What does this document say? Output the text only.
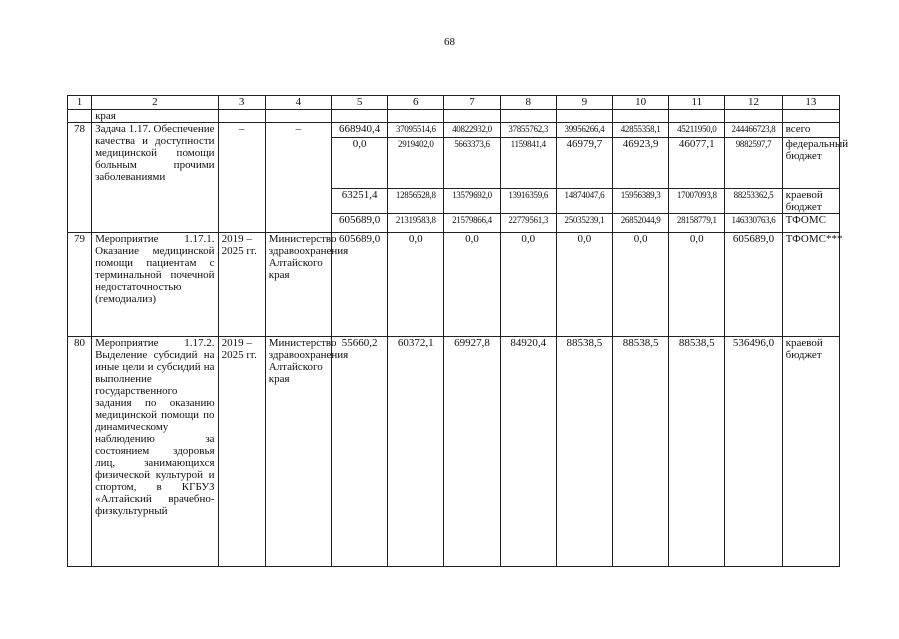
68
1	2	3	4	5	6	7	8	9	10	11	12	13
	края											
78	Задача 1.17. Обеспечение качества и доступности медицинской помощи больным прочими заболеваниями	–	–	668940,4	37095514,6	40822932,0	37855762,3	39956266,4	42855358,1	45211950,0	244466723,8	всего
				0,0	2919402,0	5663373,6	1159841,4	46979,7	46923,9	46077,1	9882597,7	федеральный бюджет
				63251,4	12856528,8	13579692,0	13916359,6	14874047,6	15956389,3	17007093,8	88253362,5	краевой бюджет
				605689,0	21319583,8	21579866,4	22779561,3	25035239,1	26852044,9	28158779,1	146330763,6	ТФОМС
79	Мероприятие 1.17.1. Оказание медицинской помощи пациентам с терминальной почечной недостаточностью (гемодиализ)	2019 – 2025 гг.	Министерство здравоохранения Алтайского края	605689,0	0,0	0,0	0,0	0,0	0,0	0,0	605689,0	ТФОМС***
80	Мероприятие 1.17.2. Выделение субсидий на иные цели и субсидий на выполнение государственного задания по оказанию медицинской помощи по динамическому наблюдению за состоянием здоровья лиц, занимающихся физической культурой и спортом, в КГБУЗ «Алтайский врачебно-физкультурный	2019 – 2025 гг.	Министерство здравоохранения Алтайского края	55660,2	60372,1	69927,8	84920,4	88538,5	88538,5	88538,5	536496,0	краевой бюджет
